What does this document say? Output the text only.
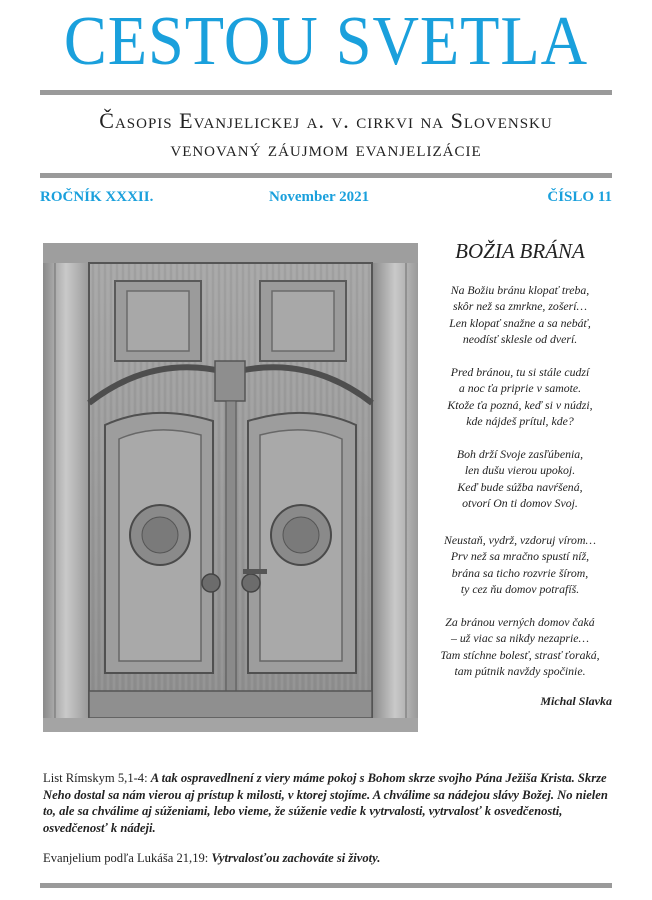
CESTOU SVETLA
Časopis Evanjelickej a. v. cirkvi na Slovensku
venovaný záujmom evanjelizácie
ROČNÍK XXXII.	November 2021	ČÍSLO 11
BOŽIA BRÁNA
Na Božiu bránu klopať treba,
skôr než sa zmrkne, zošerí…
Len klopať snažne a sa nebáť,
neodísť sklesle od dverí.
Pred bránou, tu si stále cudzí
a noc ťa priprie v samote.
Ktože ťa pozná, keď si v núdzi,
kde nájdeš prítul, kde?
Boh drží Svoje zasľúbenia,
len dušu vierou upokoj.
Keď bude súžba navŕšená,
otvorí On ti domov Svoj.
Neustaň, vydrž, vzdoruj vírom…
Prv než sa mračno spustí níž,
brána sa ticho rozvrie šírom,
ty cez ňu domov potrafíš.
Za bránou verných domov čaká
– už viac sa nikdy nezaprie…
Tam stíchne bolesť, strasť ťoraká,
tam pútnik navždy spočinie.
Michal Slavka
List Rímskym 5,1-4: A tak ospravedlnení z viery máme pokoj s Bohom skrze svojho Pána Ježiša Krista. Skrze Neho dostal sa nám vierou aj prístup k milosti, v ktorej stojíme. A chválime sa nádejou slávy Božej. No nielen to, ale sa chválime aj súženiami, lebo vieme, že súženie vedie k vytrvalosti, vytrvalosť k osvedčenosti, osvedčenosť k nádeji.
Evanjelium podľa Lukáša 21,19: Vytrvalosťou zachováte si životy.
